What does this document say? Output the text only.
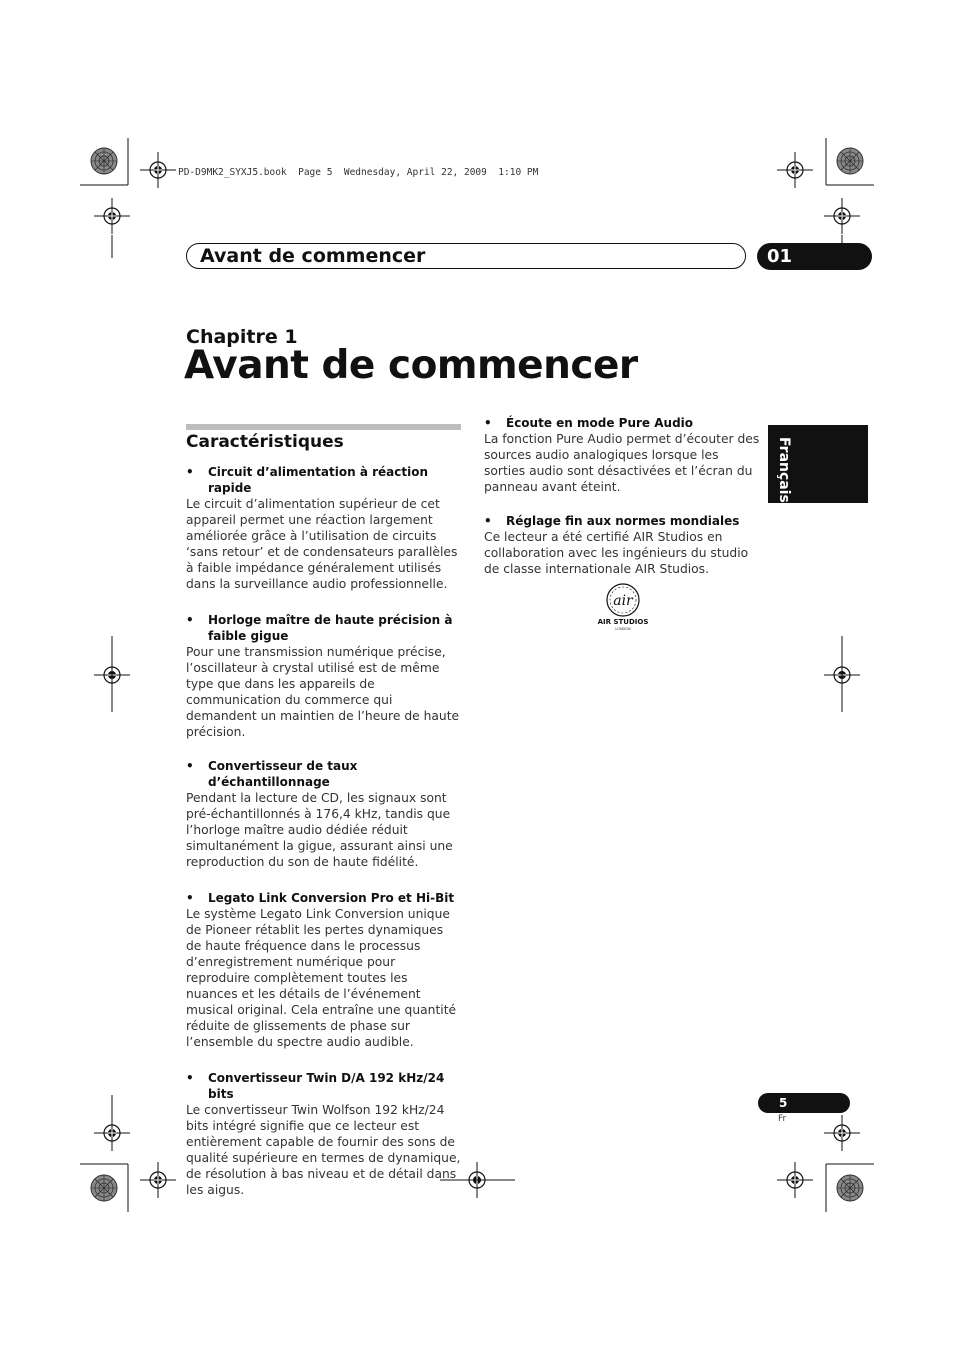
PD-D9MK2_SYXJ5.book  Page 5  Wednesday, April 22, 2009  1:10 PM
Avant de commencer	01
Chapitre 1
Avant de commencer
Français
Caractéristiques
• Circuit d’alimentation à réaction rapide
Le circuit d’alimentation supérieur de cet appareil permet une réaction largement améliorée grâce à l’utilisation de circuits ‘sans retour’ et de condensateurs parallèles à faible impédance généralement utilisés dans la surveillance audio professionnelle.
• Horloge maître de haute précision à faible gigue
Pour une transmission numérique précise, l’oscillateur à crystal utilisé est de même type que dans les appareils de communication du commerce qui demandent un maintien de l’heure de haute précision.
• Convertisseur de taux d’échantillonnage
Pendant la lecture de CD, les signaux sont pré-échantillonnés à 176,4 kHz, tandis que l’horloge maître audio dédiée réduit simultanément la gigue, assurant ainsi une reproduction du son de haute fidélité.
• Legato Link Conversion Pro et Hi-Bit
Le système Legato Link Conversion unique de Pioneer rétablit les pertes dynamiques de haute fréquence dans le processus d’enregistrement numérique pour reproduire complètement toutes les nuances et les détails de l’événement musical original. Cela entraîne une quantité réduite de glissements de phase sur l’ensemble du spectre audio audible.
• Convertisseur Twin D/A 192 kHz/24 bits
Le convertisseur Twin Wolfson 192 kHz/24 bits intégré signifie que ce lecteur est entièrement capable de fournir des sons de qualité supérieure en termes de dynamique, de résolution à bas niveau et de détail dans les aigus.
• Écoute en mode Pure Audio
La fonction Pure Audio permet d’écouter des sources audio analogiques lorsque les sorties audio sont désactivées et l’écran du panneau avant éteint.
• Réglage fin aux normes mondiales
Ce lecteur a été certifié AIR Studios en collaboration avec les ingénieurs du studio de classe internationale AIR Studios.
air
AIR STUDIOS
LONDON
5
Fr
